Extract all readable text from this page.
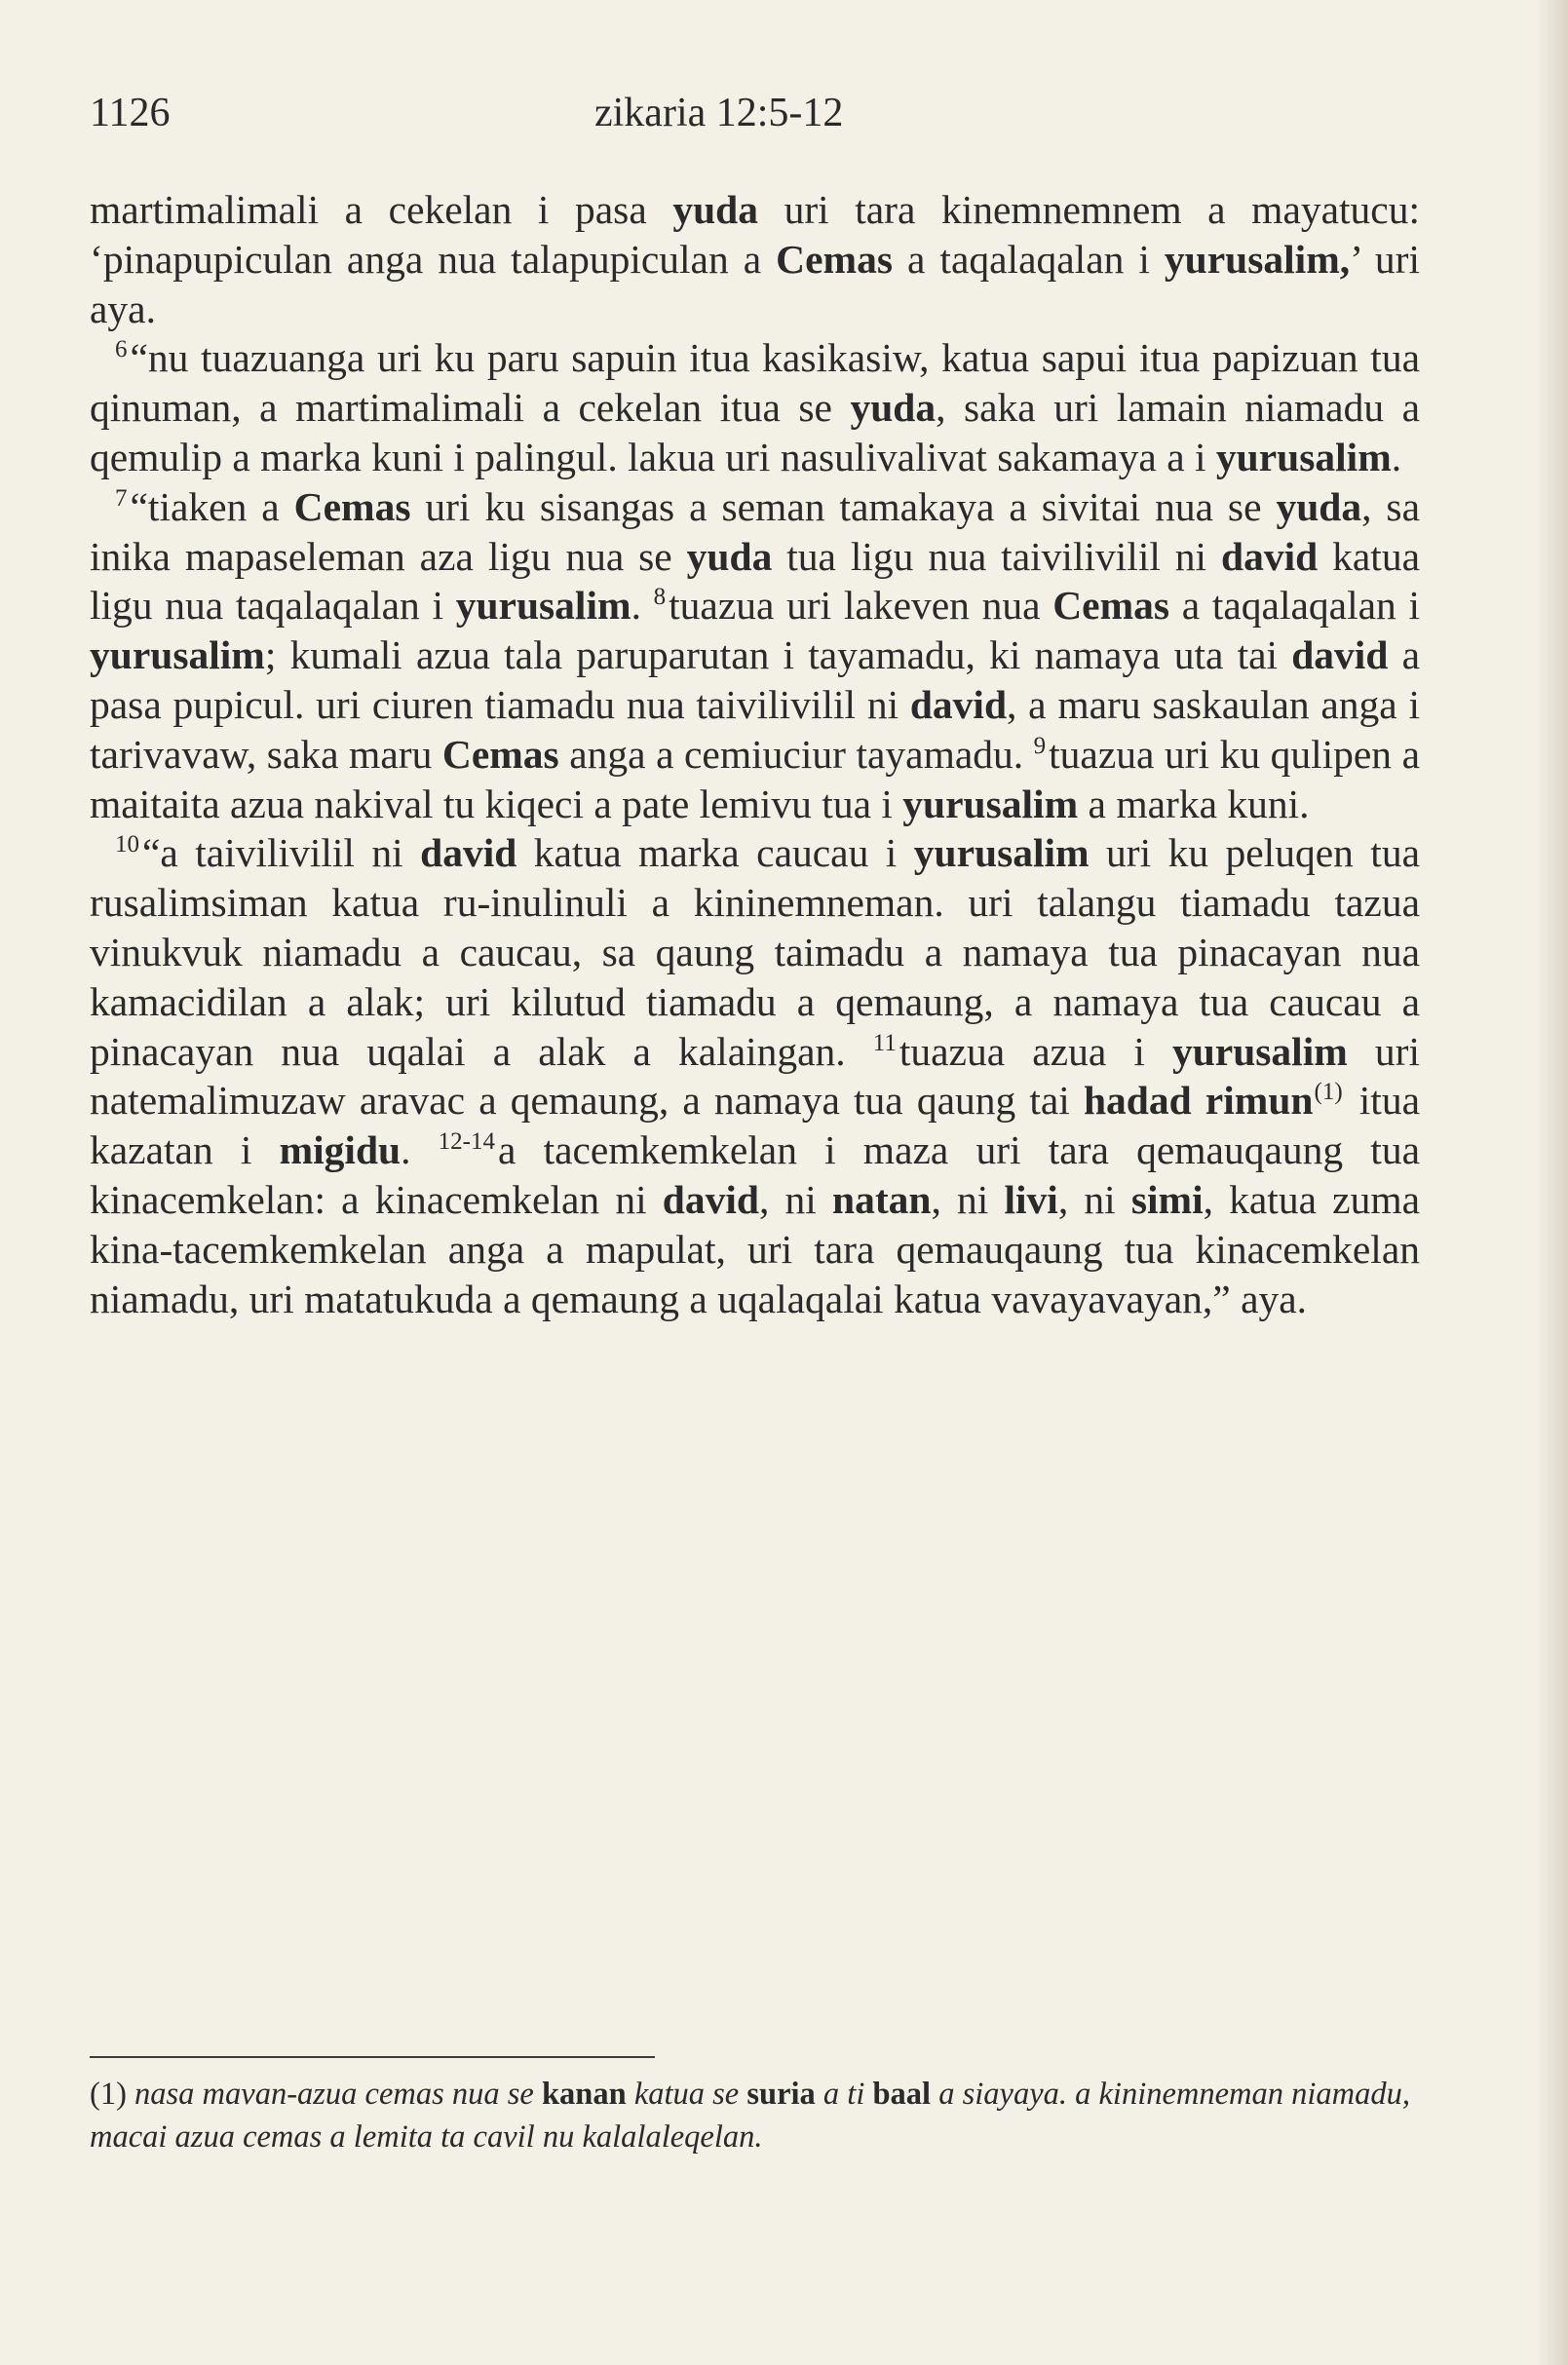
1126	zikaria 12:5-12

martimalimali a cekelan i pasa yuda uri tara kinemnemnem a mayatucu: ‘pinapupiculan anga nua talapupiculan a Cemas a taqalaqalan i yurusalim,’ uri aya.

$^6$“nu tuazuanga uri ku paru sapuin itua kasikasiw, katua sapui itua papizuan tua qinuman, a martimalimali a cekelan itua se yuda, saka uri lamain niamadu a qemulip a marka kuni i palingul. lakua uri nasulivalivat sakamaya a i yurusalim.

$^7$“tiaken a Cemas uri ku sisangas a seman tamakaya a sivitai nua se yuda, sa inika mapaseleman aza ligu nua se yuda tua ligu nua taivilivilil ni david katua ligu nua taqalaqalan i yurusalim. $^8$tuazua uri lakeven nua Cemas a taqalaqalan i yurusalim; kumali azua tala paruparutan i tayamadu, ki namaya uta tai david a pasa pupicul. uri ciuren tiamadu nua taivilivilil ni david, a maru saskaulan anga i tarivavaw, saka maru Cemas anga a cemiuciur tayamadu. $^9$tuazua uri ku qulipen a maitaita azua nakival tu kiqeci a pate lemivu tua i yurusalim a marka kuni.

$^{10}$“a taivilivilil ni david katua marka caucau i yurusalim uri ku peluqen tua rusalimsiman katua ru-inulinuli a kininemneman. uri talangu tiamadu tazua vinukvuk niamadu a caucau, sa qaung taimadu a namaya tua pinacayan nua kamacidilan a alak; uri kilutud tiamadu a qemaung, a namaya tua caucau a pinacayan nua uqalai a alak a kalaingan. $^{11}$tuazua azua i yurusalim uri natemalimuzaw aravac a qemaung, a namaya tua qaung tai hadad rimun$^{(1)}$ itua kazatan i migidu. $^{12-14}$a tacemkemkelan i maza uri tara qemauqaung tua kinacemkelan: a kinacemkelan ni david, ni natan, ni livi, ni simi, katua zuma kina-tacemkemkelan anga a mapulat, uri tara qemauqaung tua kinacemkelan niamadu, uri matatukuda a qemaung a uqalaqalai katua vavayavayan,” aya.

(1) nasa mavan-azua cemas nua se kanan katua se suria a ti baal a siayaya. a kininemneman niamadu, macai azua cemas a lemita ta cavil nu kalalaleqelan.
